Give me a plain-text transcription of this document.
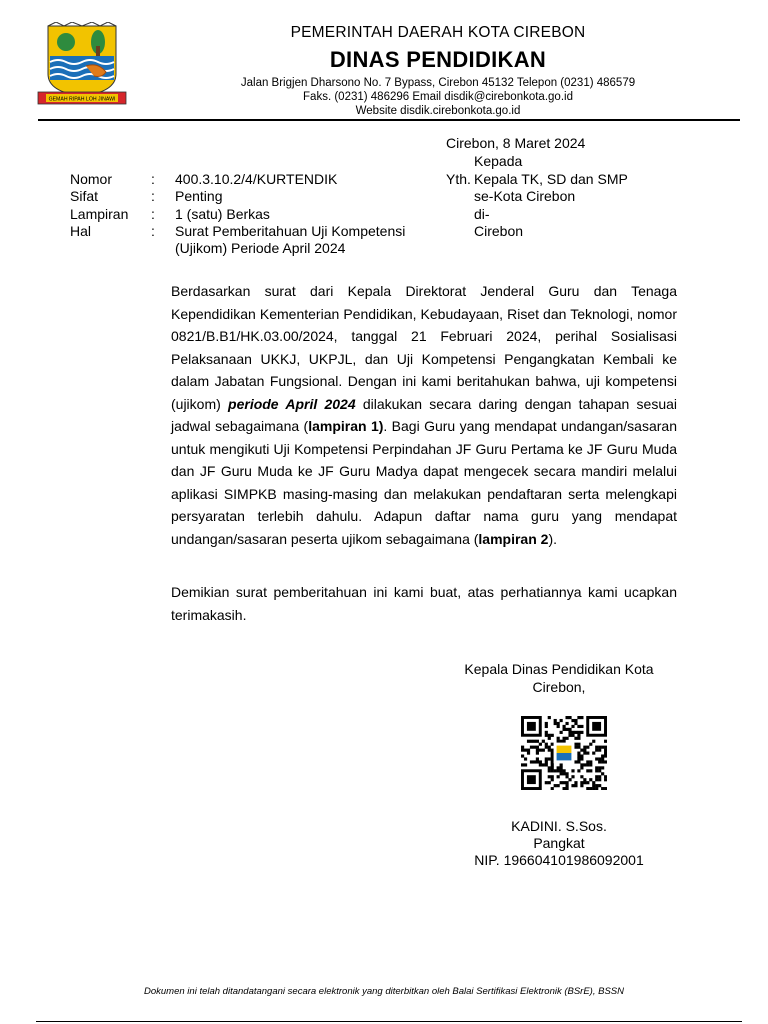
GEMAH RIPAH LOH JINAWI
PEMERINTAH DAERAH KOTA CIREBON
DINAS PENDIDIKAN
Jalan Brigjen Dharsono No. 7 Bypass, Cirebon 45132 Telepon (0231) 486579
Faks. (0231) 486296 Email disdik@cirebonkota.go.id
Website disdik.cirebonkota.go.id
Cirebon, 8 Maret 2024
Kepada
Yth. Kepala TK, SD dan SMP
se-Kota Cirebon
di-
Cirebon
Nomor	: 400.3.10.2/4/KURTENDIK
Sifat	: Penting
Lampiran : 1 (satu) Berkas
Hal	: Surat Pemberitahuan Uji Kompetensi
(Ujikom) Periode April 2024
Berdasarkan surat dari Kepala Direktorat Jenderal Guru dan Tenaga Kependidikan Kementerian Pendidikan, Kebudayaan, Riset dan Teknologi, nomor 0821/B.B1/HK.03.00/2024, tanggal 21 Februari 2024, perihal Sosialisasi Pelaksanaan UKKJ, UKPJL, dan Uji Kompetensi Pengangkatan Kembali ke dalam Jabatan Fungsional. Dengan ini kami beritahukan bahwa, uji kompetensi (ujikom) periode April 2024 dilakukan secara daring dengan tahapan sesuai jadwal sebagaimana (lampiran 1). Bagi Guru yang mendapat undangan/sasaran untuk mengikuti Uji Kompetensi Perpindahan JF Guru Pertama ke JF Guru Muda dan JF Guru Muda ke JF Guru Madya dapat mengecek secara mandiri melalui aplikasi SIMPKB masing-masing dan melakukan pendaftaran serta melengkapi persyaratan terlebih dahulu. Adapun daftar nama guru yang mendapat undangan/sasaran peserta ujikom sebagaimana (lampiran 2).
Demikian surat pemberitahuan ini kami buat, atas perhatiannya kami ucapkan terimakasih.
Kepala Dinas Pendidikan Kota
Cirebon,
KADINI. S.Sos.
Pangkat
NIP. 196604101986092001
Dokumen ini telah ditandatangani secara elektronik yang diterbitkan oleh Balai Sertifikasi Elektronik (BSrE), BSSN
